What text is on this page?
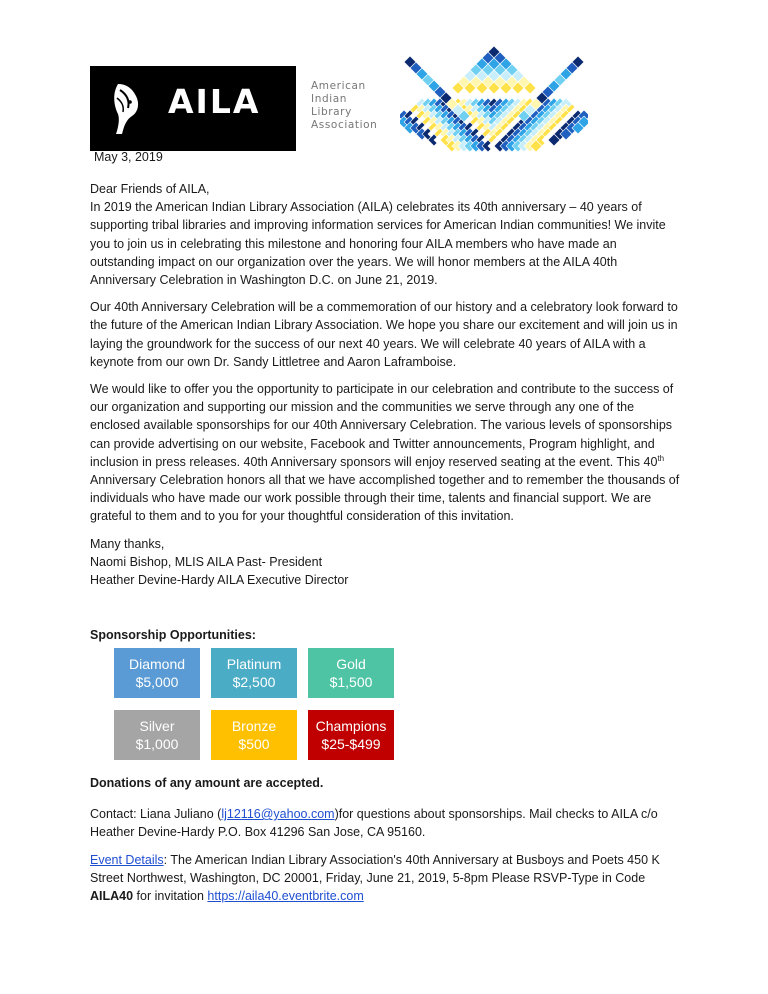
AILA	American
Indian
Library
Association
May 3, 2019

Dear Friends of AILA,

In 2019 the American Indian Library Association (AILA) celebrates its 40th anniversary – 40 years of supporting tribal libraries and improving information services for American Indian communities! We invite you to join us in celebrating this milestone and honoring four AILA members who have made an outstanding impact on our organization over the years. We will honor members at the AILA 40th Anniversary Celebration in Washington D.C. on June 21, 2019.

Our 40th Anniversary Celebration will be a commemoration of our history and a celebratory look forward to the future of the American Indian Library Association. We hope you share our excitement and will join us in laying the groundwork for the success of our next 40 years. We will celebrate 40 years of AILA with a keynote from our own Dr. Sandy Littletree and Aaron Laframboise.

We would like to offer you the opportunity to participate in our celebration and contribute to the success of our organization and supporting our mission and the communities we serve through any one of the enclosed available sponsorships for our 40th Anniversary Celebration. The various levels of sponsorships can provide advertising on our website, Facebook and Twitter announcements, Program highlight, and inclusion in press releases. 40th Anniversary sponsors will enjoy reserved seating at the event. This 40th Anniversary Celebration honors all that we have accomplished together and to remember the thousands of individuals who have made our work possible through their time, talents and financial support. We are grateful to them and to you for your thoughtful consideration of this invitation.

Many thanks,

Naomi Bishop, MLIS AILA Past- President

Heather Devine-Hardy AILA Executive Director

Sponsorship Opportunities:
Diamond
$5,000
Platinum
$2,500
Gold
$1,500
Silver
$1,000
Bronze
$500
Champions
$25-$499
Donations of any amount are accepted.
Contact: Liana Juliano (lj12116@yahoo.com)for questions about sponsorships. Mail checks to AILA c/o Heather Devine-Hardy P.O. Box 41296 San Jose, CA 95160.
Event Details: The American Indian Library Association's 40th Anniversary at Busboys and Poets 450 K Street Northwest, Washington, DC 20001, Friday, June 21, 2019, 5-8pm Please RSVP-Type in Code AILA40 for invitation https://aila40.eventbrite.com
